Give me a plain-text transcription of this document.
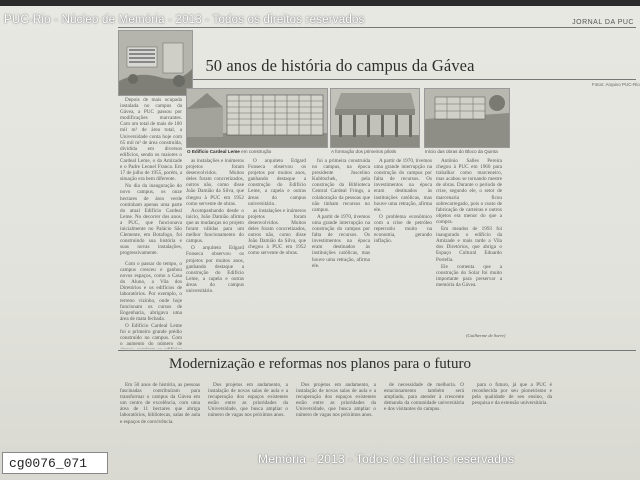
PUC-Rio - Núcleo de Memória - 2013 - Todos os direitos reservados	JORNAL DA PUC
50 anos de história do campus da Gávea
Fotos: Arquivo PUC-Rio

Depois de mais ocupada instalada no campus da Gávea, a PUC passou por modificações marcantes. Com um total de mais de 100 mil m² de área total, a Universidade conta hoje com 65 mil m² de área construída, dividida em diversos edifícios, sendo os maiores o Cardeal Leme, o da Amizade e o Padre Leonel Franca. Em 17 de julho de 1955, porém, a situação era bem diferente.

No dia da inauguração do novo campus, os onze hectares de área verde continham apenas uma parte do atual Edifício Cardeal Leme. No decorrer dos anos, a PUC, que funcionava inicialmente no Palácio São Clemente, em Botafogo, foi construindo sua história e suas novas instalações, progressivamente.

Com o passar do tempo, o campus cresceu e ganhou novos espaços, como a Casa do Aluno, a Vila dos Diretórios e os edifícios de laboratórios. Por exemplo, o terreno vizinho, onde hoje funcionam os cursos de Engenharia, abrigava uma área de mata fechada.

O Edifício Cardeal Leme foi o primeiro grande prédio construído no campus. Com o aumento do número de

O Edifício Cardeal Leme em construção	A formação dos primeiros pilotis	Início das obras do Bloco da Quinta

as instalações e inúmeros projetos foram desenvolvidos. Muitos deles foram concretizados, outros não, como disse João Damião da Silva, que chegou à PUC em 1952 como servente de obras.

Acompanhando desde o início, João Damião afirma que as mudanças no projeto foram válidas para um melhor funcionamento do campus.

O arquiteto Edgard Fonseca observou os projetos por muitos anos, ganhando destaque a construção do Edifício Leme, a capela e outras áreas do campus universitário.

O arquiteto Edgard Fonseca observou os projetos por muitos anos, ganhando destaque a construção do Edifício Leme, a capela e outras áreas do campus universitário.

as instalações e inúmeros projetos foram desenvolvidos. Muitos deles foram concretizados, outros não, como disse João Damião da Silva, que chegou à PUC em 1952 como servente de obras.

foi a primeira construída no campus, na época presidente Juscelino Kubitschek, pela construção da Biblioteca Central Cardeal Frings, a colaboração da pessoas que não tinham recursos no campus.

A partir de 1970, tivemos uma grande interrupção na construção do campus por falta de recursos. Os investimentos na época eram destinados às instituições católicas, mas houve uma retração, afirma ele.

A partir de 1970, tivemos uma grande interrupção na construção do campus por falta de recursos. Os investimentos na época eram destinados às instituições católicas, mas houve uma retração, afirma ele.

O problema econômico com a crise de petróleo repercutiu muito na economia, gerando inflação.

Antônio Salles Pereira chegou à PUC em 1960 para trabalhar como marceneiro, mas acabou se tornando mestre de obras. Durante o período de crise, segundo ele, o setor de marcenaria ficou sobrecarregado, pois o custo de fabricação de carteiras e outros objetos era menor do que a compra.

Em meados de 1993 foi inaugurado o edifício da Amizade e mais tarde a Vila dos Diretórios, que abriga o Espaço Cultural Eduardo Portella.

Ele comenta que a construção do Solar foi muito importante para preservar a memória da Gávea.

(Guilherme de Sorre)
Modernização e reformas nos planos para o futuro

Em 50 anos de história, as pessoas fascinadas contribuíram para transformar o campus da Gávea em um centro de excelência, com uma área de 11 hectares que abriga laboratórios, bibliotecas, salas de aula e espaços de convivência.

Dos projetos em andamento, a instalação de novas salas de aula e a recuperação dos espaços existentes estão entre as prioridades da Universidade, que busca ampliar o número de vagas nos próximos anos.

Dos projetos em andamento, a instalação de novas salas de aula e a recuperação dos espaços existentes estão entre as prioridades da Universidade, que busca ampliar o número de vagas nos próximos anos.

de necessidade de melhoria. O estacionamento também será ampliado, para atender à crescente demanda da comunidade universitária e dos visitantes do campus.

para o futuro, já que a PUC é reconhecida por seu pioneirismo e pela qualidade de seu ensino, da pesquisa e da extensão universitária.

Memória - 2013 - Todos os direitos reservados
cg0076_071
